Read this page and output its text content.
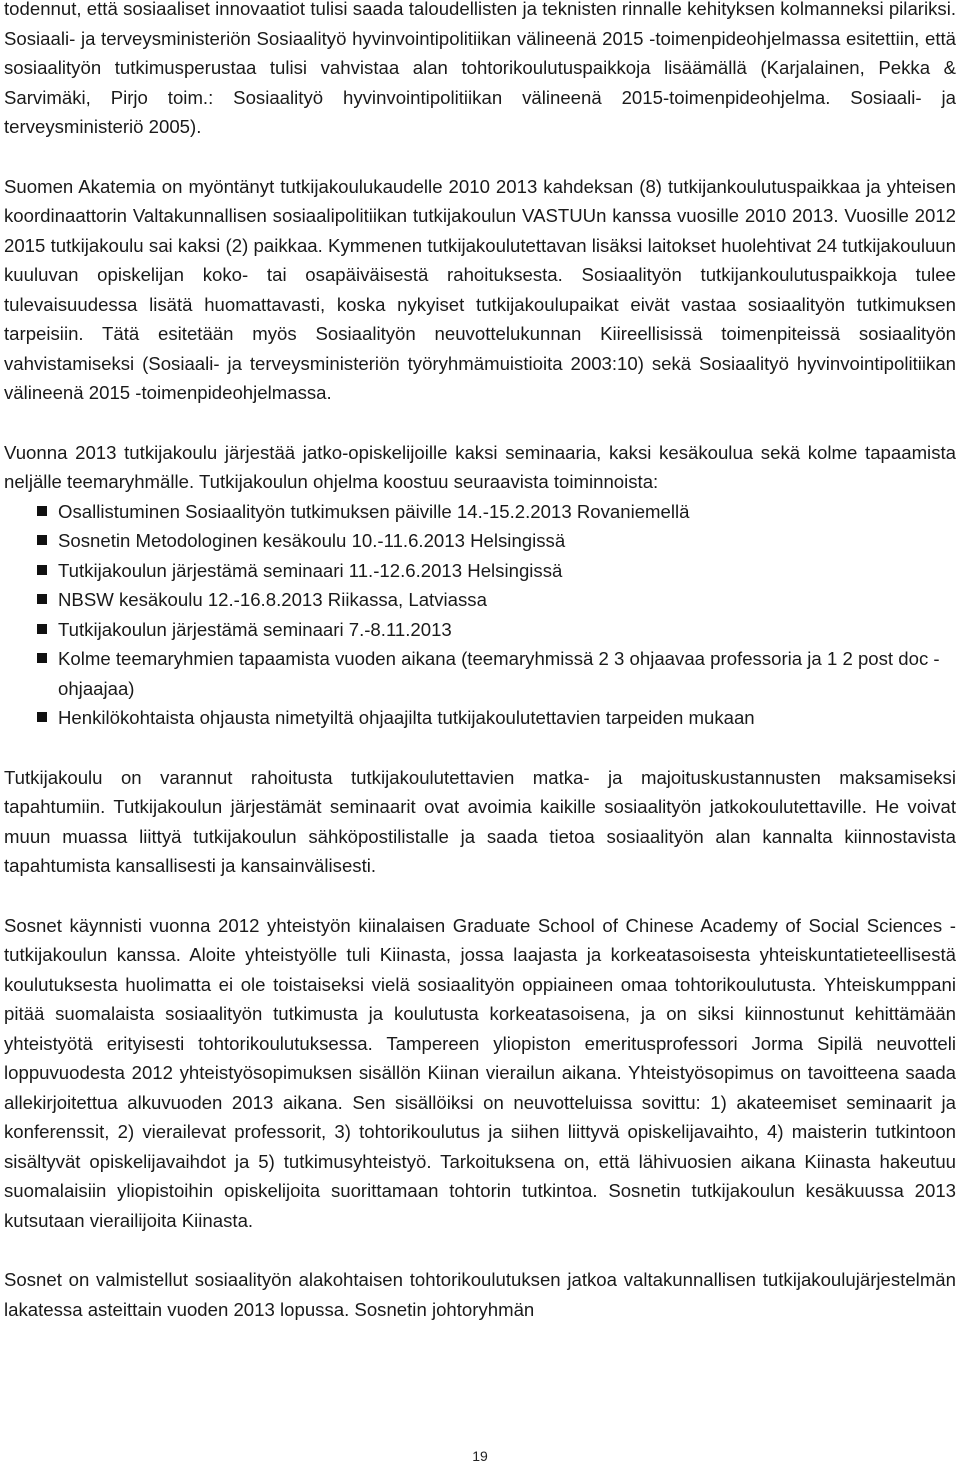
todennut, että sosiaaliset innovaatiot tulisi saada taloudellisten ja teknisten rinnalle kehityksen kolmanneksi pilariksi. Sosiaali- ja terveysministeriön Sosiaalityö hyvinvointipolitiikan välineenä 2015 -toimenpideohjelmassa esitettiin, että sosiaalityön tutkimusperustaa tulisi vahvistaa alan tohtorikoulutuspaikkoja lisäämällä (Karjalainen, Pekka & Sarvimäki, Pirjo toim.: Sosiaalityö hyvinvointipolitiikan välineenä 2015-toimenpideohjelma. Sosiaali- ja terveysministeriö 2005).

Suomen Akatemia on myöntänyt tutkijakoulukaudelle 2010 2013 kahdeksan (8) tutkijankoulutuspaikkaa ja yhteisen koordinaattorin Valtakunnallisen sosiaalipolitiikan tutkijakoulun VASTUUn kanssa vuosille 2010 2013. Vuosille 2012 2015 tutkijakoulu sai kaksi (2) paikkaa. Kymmenen tutkijakoulutettavan lisäksi laitokset huolehtivat 24 tutkijakouluun kuuluvan opiskelijan koko- tai osapäiväisestä rahoituksesta. Sosiaalityön tutkijankoulutuspaikkoja tulee tulevaisuudessa lisätä huomattavasti, koska nykyiset tutkijakoulupaikat eivät vastaa sosiaalityön tutkimuksen tarpeisiin. Tätä esitetään myös Sosiaalityön neuvottelukunnan Kiireellisissä toimenpiteissä sosiaalityön vahvistamiseksi (Sosiaali- ja terveysministeriön työryhmämuistioita 2003:10) sekä Sosiaalityö hyvinvointipolitiikan välineenä 2015 -toimenpideohjelmassa.

Vuonna 2013 tutkijakoulu järjestää jatko-opiskelijoille kaksi seminaaria, kaksi kesäkoulua sekä kolme tapaamista neljälle teemaryhmälle. Tutkijakoulun ohjelma koostuu seuraavista toiminnoista:

Osallistuminen Sosiaalityön tutkimuksen päiville 14.-15.2.2013 Rovaniemellä
Sosnetin Metodologinen kesäkoulu 10.-11.6.2013 Helsingissä
Tutkijakoulun järjestämä seminaari 11.-12.6.2013 Helsingissä
NBSW kesäkoulu 12.-16.8.2013 Riikassa, Latviassa
Tutkijakoulun järjestämä seminaari 7.-8.11.2013
Kolme teemaryhmien tapaamista vuoden aikana (teemaryhmissä 2 3 ohjaavaa professoria ja 1 2 post doc -ohjaajaa)
Henkilökohtaista ohjausta nimetyiltä ohjaajilta tutkijakoulutettavien tarpeiden mukaan

Tutkijakoulu on varannut rahoitusta tutkijakoulutettavien matka- ja majoituskustannusten maksamiseksi tapahtumiin. Tutkijakoulun järjestämät seminaarit ovat avoimia kaikille sosiaalityön jatkokoulutettaville. He voivat muun muassa liittyä tutkijakoulun sähköpostilistalle ja saada tietoa sosiaalityön alan kannalta kiinnostavista tapahtumista kansallisesti ja kansainvälisesti.

Sosnet käynnisti vuonna 2012 yhteistyön kiinalaisen Graduate School of Chinese Academy of Social Sciences - tutkijakoulun kanssa. Aloite yhteistyölle tuli Kiinasta, jossa laajasta ja korkeatasoisesta yhteiskuntatieteellisestä koulutuksesta huolimatta ei ole toistaiseksi vielä sosiaalityön oppiaineen omaa tohtorikoulutusta. Yhteiskumppani pitää suomalaista sosiaalityön tutkimusta ja koulutusta korkeatasoisena, ja on siksi kiinnostunut kehittämään yhteistyötä erityisesti tohtorikoulutuksessa. Tampereen yliopiston emeritusprofessori Jorma Sipilä neuvotteli loppuvuodesta 2012 yhteistyösopimuksen sisällön Kiinan vierailun aikana. Yhteistyösopimus on tavoitteena saada allekirjoitettua alkuvuoden 2013 aikana. Sen sisällöiksi on neuvotteluissa sovittu: 1) akateemiset seminaarit ja konferenssit, 2) vierailevat professorit, 3) tohtorikoulutus ja siihen liittyvä opiskelijavaihto, 4) maisterin tutkintoon sisältyvät opiskelijavaihdot ja 5) tutkimusyhteistyö. Tarkoituksena on, että lähivuosien aikana Kiinasta hakeutuu suomalaisiin yliopistoihin opiskelijoita suorittamaan tohtorin tutkintoa. Sosnetin tutkijakoulun kesäkuussa 2013 kutsutaan vierailijoita Kiinasta.

Sosnet on valmistellut sosiaalityön alakohtaisen tohtorikoulutuksen jatkoa valtakunnallisen tutkijakoulujärjestelmän lakatessa asteittain vuoden 2013 lopussa. Sosnetin johtoryhmän

19
